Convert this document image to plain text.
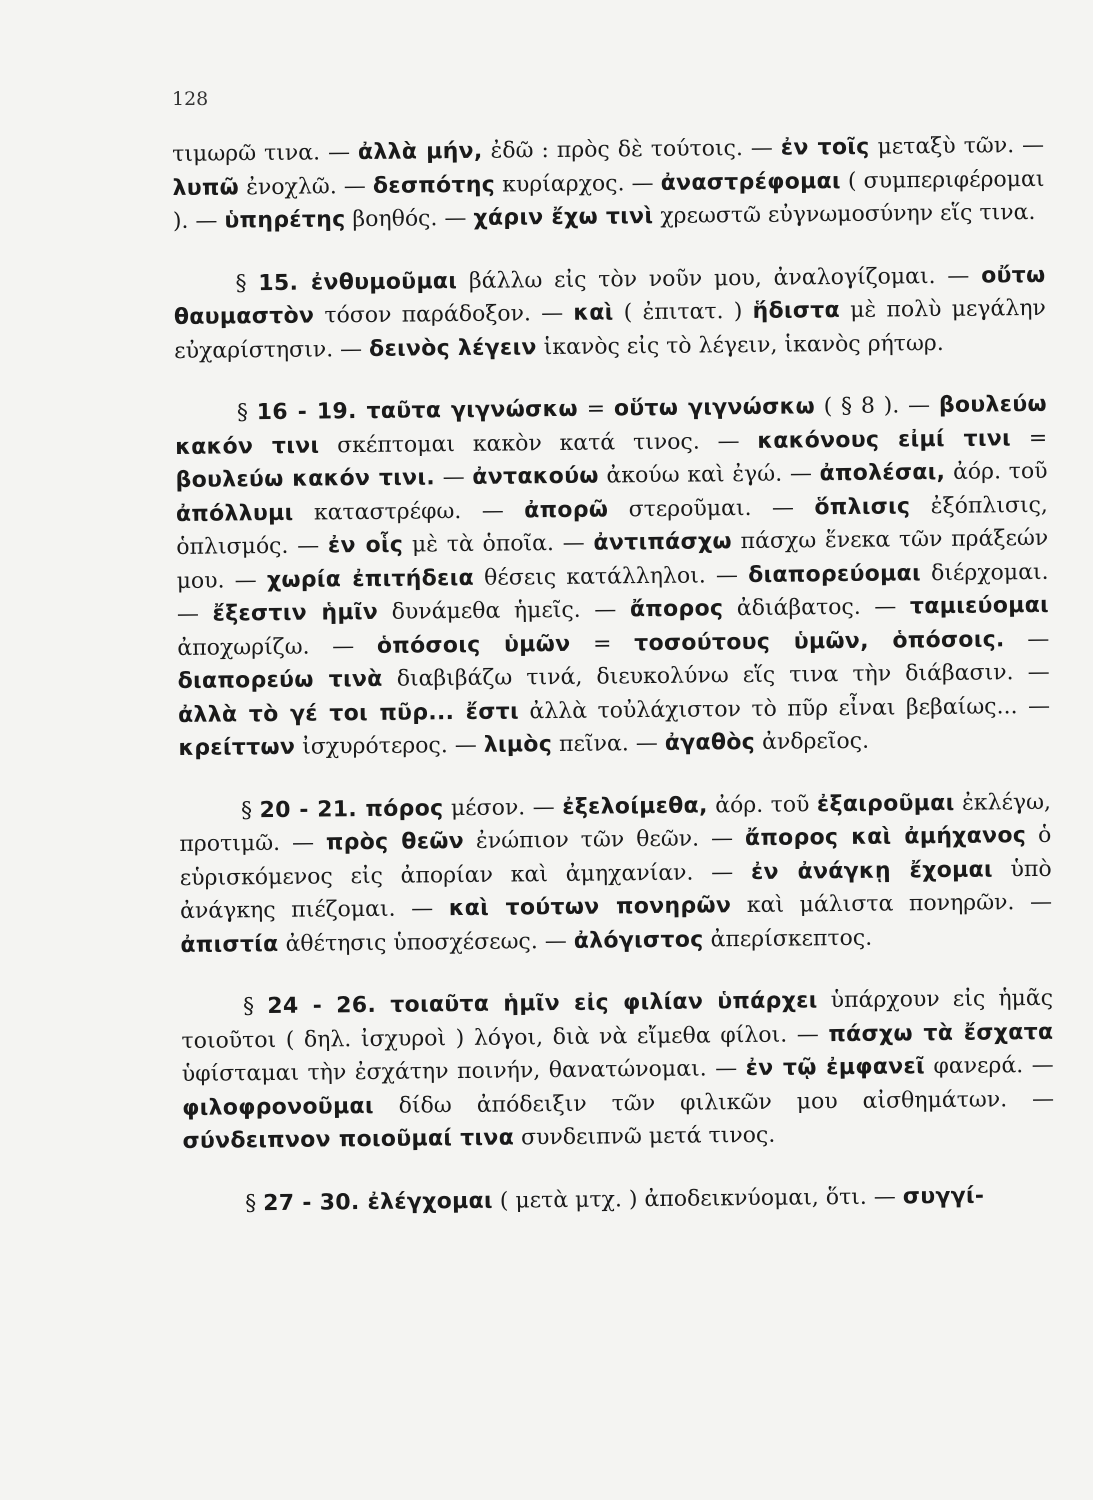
128

τιμωρῶ τινα. — ἀλλὰ μήν, ἐδῶ : πρὸς δὲ τούτοις. — ἐν τοῖς μεταξὺ τῶν. — λυπῶ ἐνοχλῶ. — δεσπότης κυρίαρχος. — ἀναστρέφομαι ( συμπεριφέρομαι ). — ὑπηρέτης βοηθός. — χάριν ἔχω τινὶ χρεωστῶ εὐγνωμοσύνην εἵς τινα.

§ 15. ἐνθυμοῦμαι βάλλω εἰς τὸν νοῦν μου, ἀναλογίζομαι. — οὔτω θαυμαστὸν τόσον παράδοξον. — καὶ ( ἐπιτατ. ) ἥδιστα μὲ πολὺ μεγάλην εὐχαρίστησιν. — δεινὸς λέγειν ἱκανὸς εἰς τὸ λέγειν, ἱκανὸς ρήτωρ.

§ 16 - 19. ταῦτα γιγνώσκω = οὕτω γιγνώσκω ( § 8 ). — βουλεύω κακόν τινι σκέπτομαι κακὸν κατά τινος. — κακόνους εἰμί τινι = βουλεύω κακόν τινι. — ἀντακούω ἀκούω καὶ ἐγώ. — ἀπολέσαι, ἀόρ. τοῦ ἀπόλλυμι καταστρέφω. — ἀπορῶ στεροῦμαι. — ὅπλισις ἐξόπλισις, ὁπλισμός. — ἐν οἷς μὲ τὰ ὁποῖα. — ἀντιπάσχω πάσχω ἕνεκα τῶν πράξεών μου. — χωρία ἐπιτήδεια θέσεις κατάλληλοι. — διαπορεύομαι διέρχομαι. — ἔξεστιν ἡμῖν δυνάμεθα ἡμεῖς. — ἄπορος ἀδιάβατος. — ταμιεύομαι ἀποχωρίζω. — ὁπόσοις ὑμῶν = τοσούτους ὑμῶν, ὁπόσοις. — διαπορεύω τινὰ διαβιβάζω τινά, διευκολύνω εἵς τινα τὴν διάβασιν. — ἀλλὰ τὸ γέ τοι πῦρ... ἔστι ἀλλὰ τοὐλάχιστον τὸ πῦρ εἶναι βεβαίως... — κρείττων ἰσχυρότερος. — λιμὸς πεῖνα. — ἀγαθὸς ἀνδρεῖος.

§ 20 - 21. πόρος μέσον. — ἐξελοίμεθα, ἀόρ. τοῦ ἐξαιροῦμαι ἐκλέγω, προτιμῶ. — πρὸς θεῶν ἐνώπιον τῶν θεῶν. — ἄπορος καὶ ἀμήχανος ὁ εὑρισκόμενος εἰς ἀπορίαν καὶ ἀμηχανίαν. — ἐν ἀνάγκῃ ἔχομαι ὑπὸ ἀνάγκης πιέζομαι. — καὶ τούτων πονηρῶν καὶ μάλιστα πονηρῶν. — ἀπιστία ἀθέτησις ὑποσχέσεως. — ἀλόγιστος ἀπερίσκεπτος.

§ 24 - 26. τοιαῦτα ἡμῖν εἰς φιλίαν ὑπάρχει ὑπάρχουν εἰς ἡμᾶς τοιοῦτοι ( δηλ. ἰσχυροὶ ) λόγοι, διὰ νὰ εἴμεθα φίλοι. — πάσχω τὰ ἔσχατα ὑφίσταμαι τὴν ἐσχάτην ποινήν, θανατώνομαι. — ἐν τῷ ἐμφανεῖ φανερά. — φιλοφρονοῦμαι δίδω ἀπόδειξιν τῶν φιλικῶν μου αἰσθημάτων. — σύνδειπνον ποιοῦμαί τινα συνδειπνῶ μετά τινος.

§ 27 - 30. ἐλέγχομαι ( μετὰ μτχ. ) ἀποδεικνύομαι, ὅτι. — συγγί-
